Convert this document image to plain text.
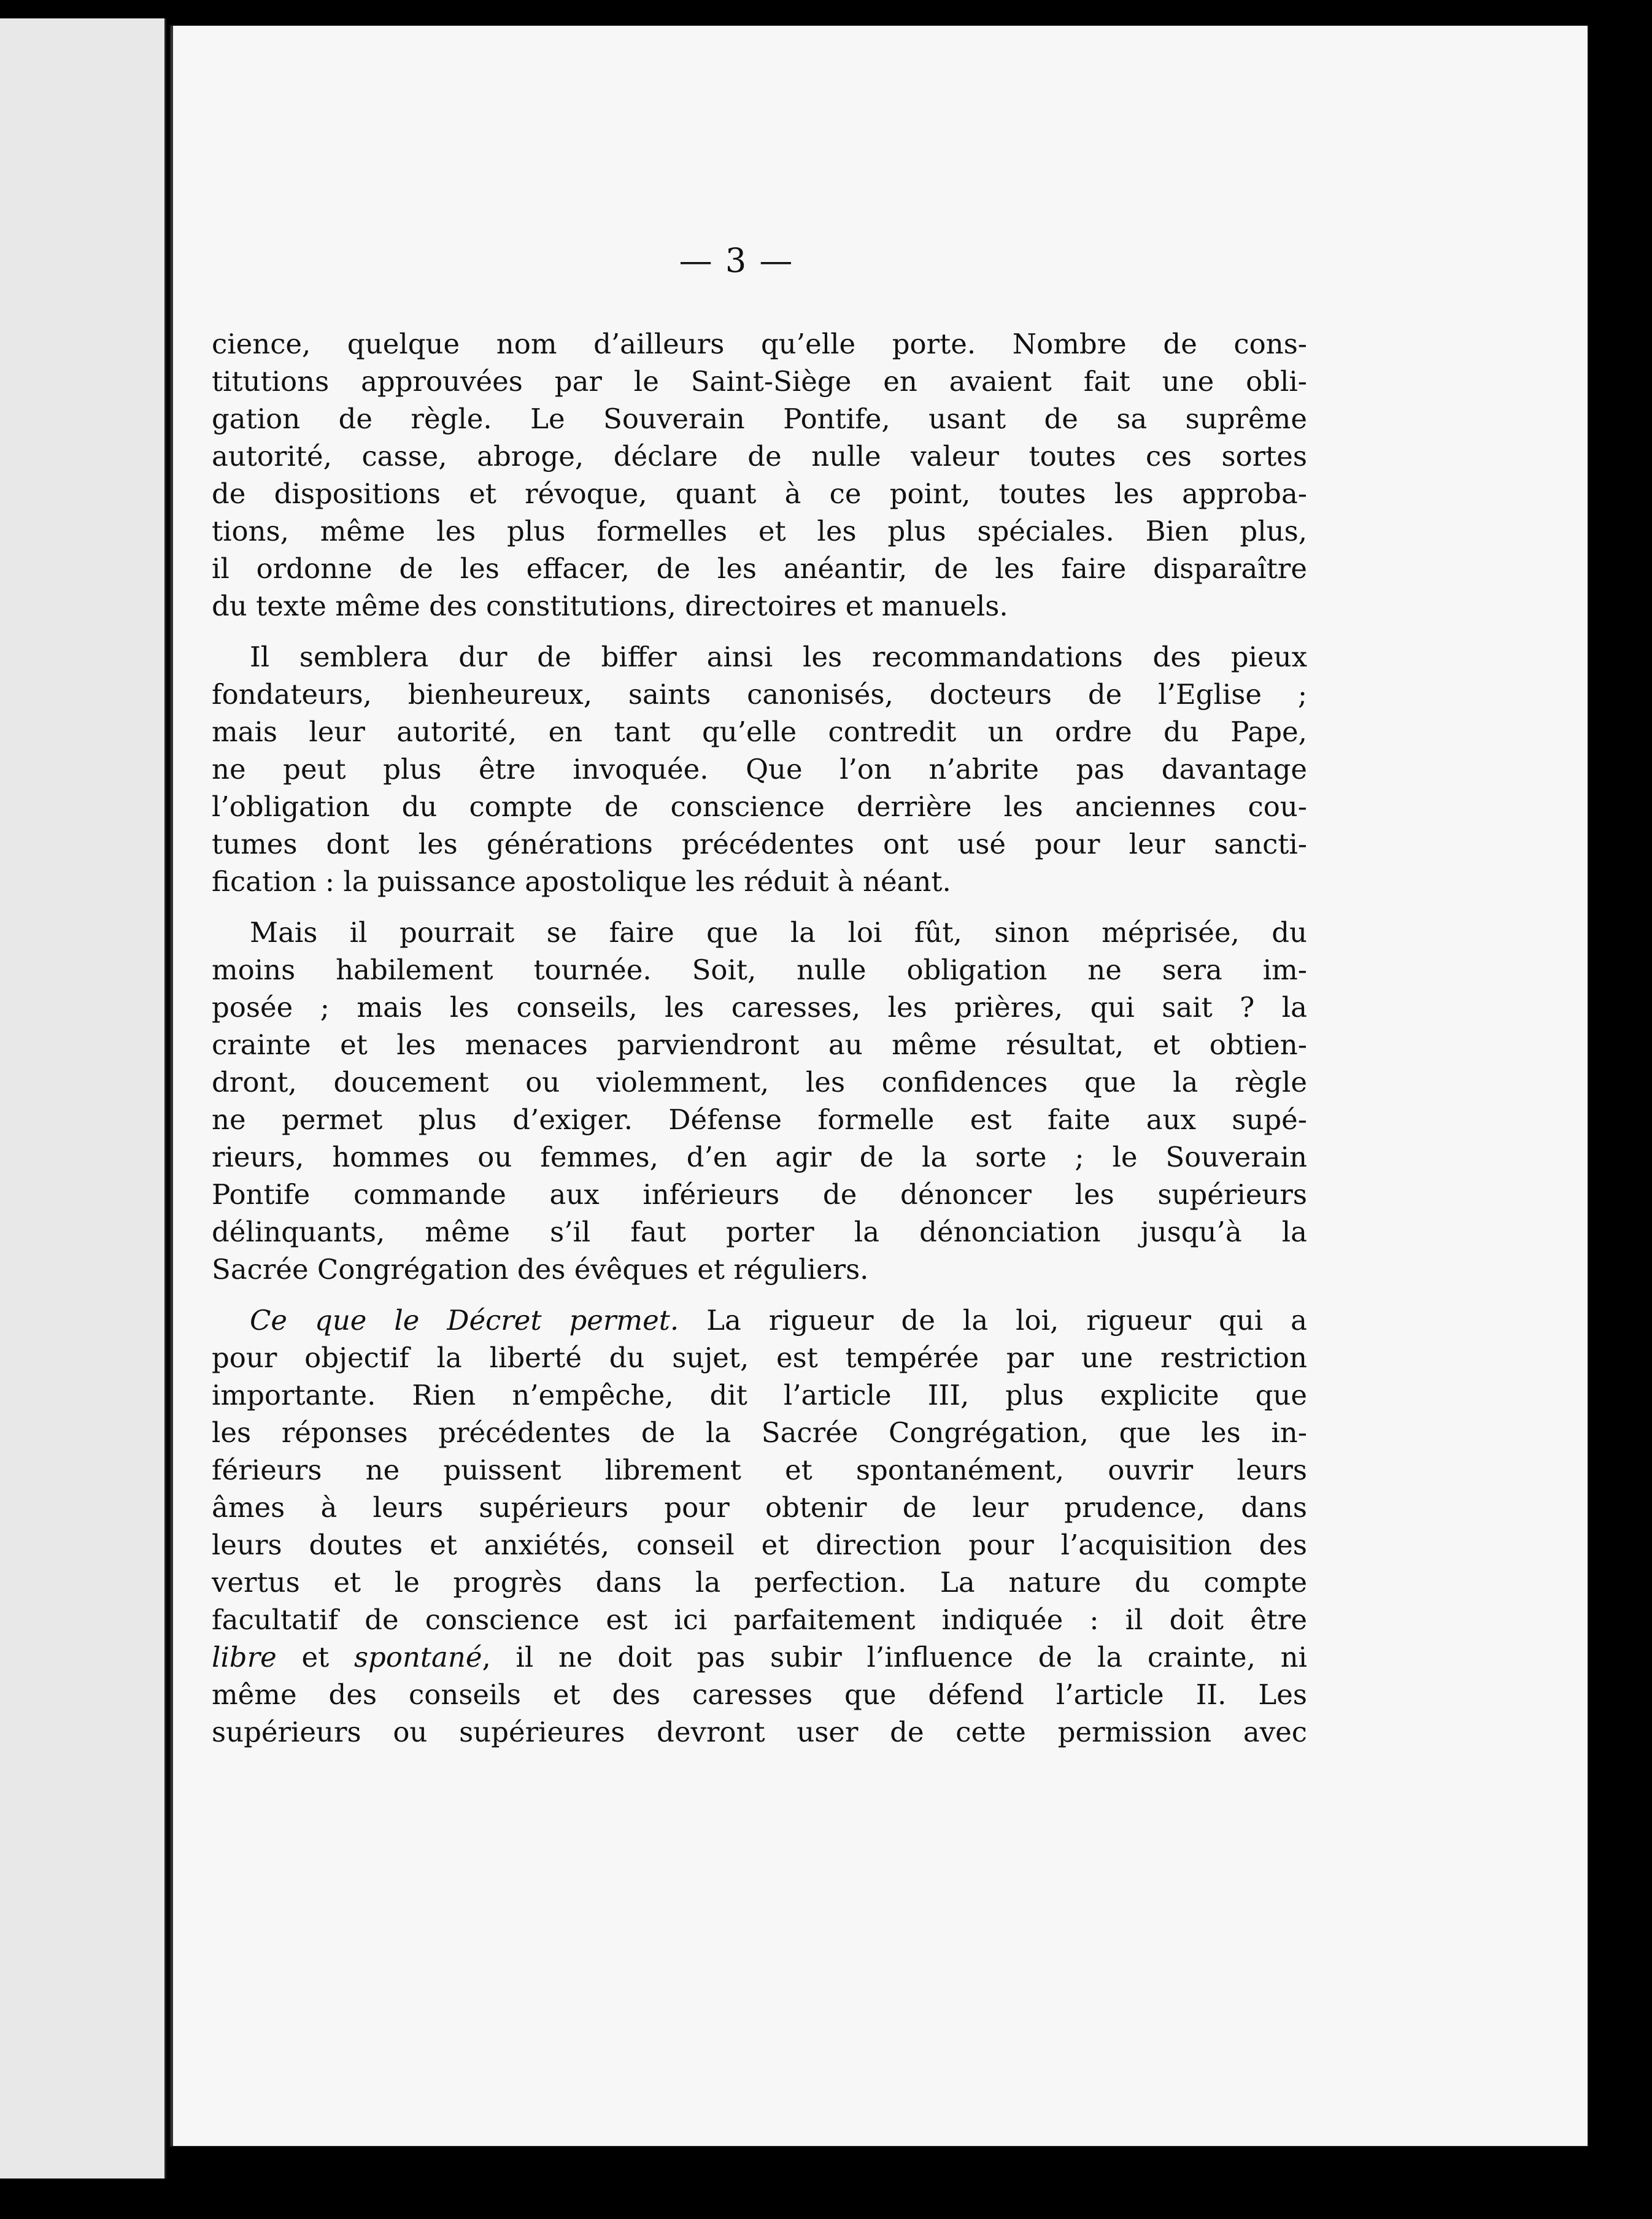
— 3 —
cience, quelque nom d’ailleurs qu’elle porte. Nombre de cons-
titutions approuvées par le Saint-Siège en avaient fait une obli-
gation de règle. Le Souverain Pontife, usant de sa suprême
autorité, casse, abroge, déclare de nulle valeur toutes ces sortes
de dispositions et révoque, quant à ce point, toutes les approba-
tions, même les plus formelles et les plus spéciales. Bien plus,
il ordonne de les effacer, de les anéantir, de les faire disparaître
du texte même des constitutions, directoires et manuels.
Il semblera dur de biffer ainsi les recommandations des pieux
fondateurs, bienheureux, saints canonisés, docteurs de l’Eglise ;
mais leur autorité, en tant qu’elle contredit un ordre du Pape,
ne peut plus être invoquée. Que l’on n’abrite pas davantage
l’obligation du compte de conscience derrière les anciennes cou-
tumes dont les générations précédentes ont usé pour leur sancti-
fication : la puissance apostolique les réduit à néant.
Mais il pourrait se faire que la loi fût, sinon méprisée, du
moins habilement tournée. Soit, nulle obligation ne sera im-
posée ; mais les conseils, les caresses, les prières, qui sait ? la
crainte et les menaces parviendront au même résultat, et obtien-
dront, doucement ou violemment, les confidences que la règle
ne permet plus d’exiger. Défense formelle est faite aux supé-
rieurs, hommes ou femmes, d’en agir de la sorte ; le Souverain
Pontife commande aux inférieurs de dénoncer les supérieurs
délinquants, même s’il faut porter la dénonciation jusqu’à la
Sacrée Congrégation des évêques et réguliers.
Ce que le Décret permet. La rigueur de la loi, rigueur qui a
pour objectif la liberté du sujet, est tempérée par une restriction
importante. Rien n’empêche, dit l’article III, plus explicite que
les réponses précédentes de la Sacrée Congrégation, que les in-
férieurs ne puissent librement et spontanément, ouvrir leurs
âmes à leurs supérieurs pour obtenir de leur prudence, dans
leurs doutes et anxiétés, conseil et direction pour l’acquisition des
vertus et le progrès dans la perfection. La nature du compte
facultatif de conscience est ici parfaitement indiquée : il doit être
libre et spontané, il ne doit pas subir l’influence de la crainte, ni
même des conseils et des caresses que défend l’article II. Les
supérieurs ou supérieures devront user de cette permission avec
